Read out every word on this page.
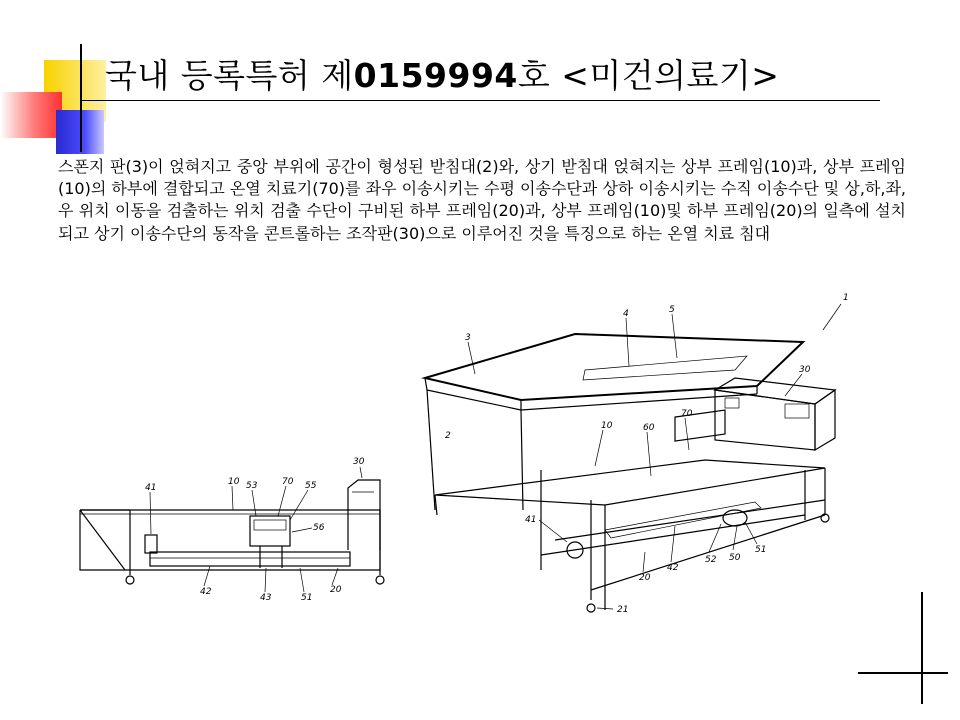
국내 등록특허 제0159994호 <미건의료기>

스폰지 판(3)이 얹혀지고 중앙 부위에 공간이 형성된 받침대(2)와, 상기 받침대 얹혀지는 상부 프레임(10)과, 상부 프레임(10)의 하부에 결합되고 온열 치료기(70)를 좌우 이송시키는 수평 이송수단과 상하 이송시키는 수직 이송수단 및 상,하,좌,우 위치 이동을 검출하는 위치 검출 수단이 구비된 하부 프레임(20)과, 상부 프레임(10)및 하부 프레임(20)의 일측에 설치되고 상기 이송수단의 동작을 콘트롤하는 조작판(30)으로 이루어진 것을 특징으로 하는 온열 치료 침대

30
41
10 53	70 55
56
42
43	51
20
1
4	5
3
30
2
10	60
70
41
52 50
51
42
20
21
